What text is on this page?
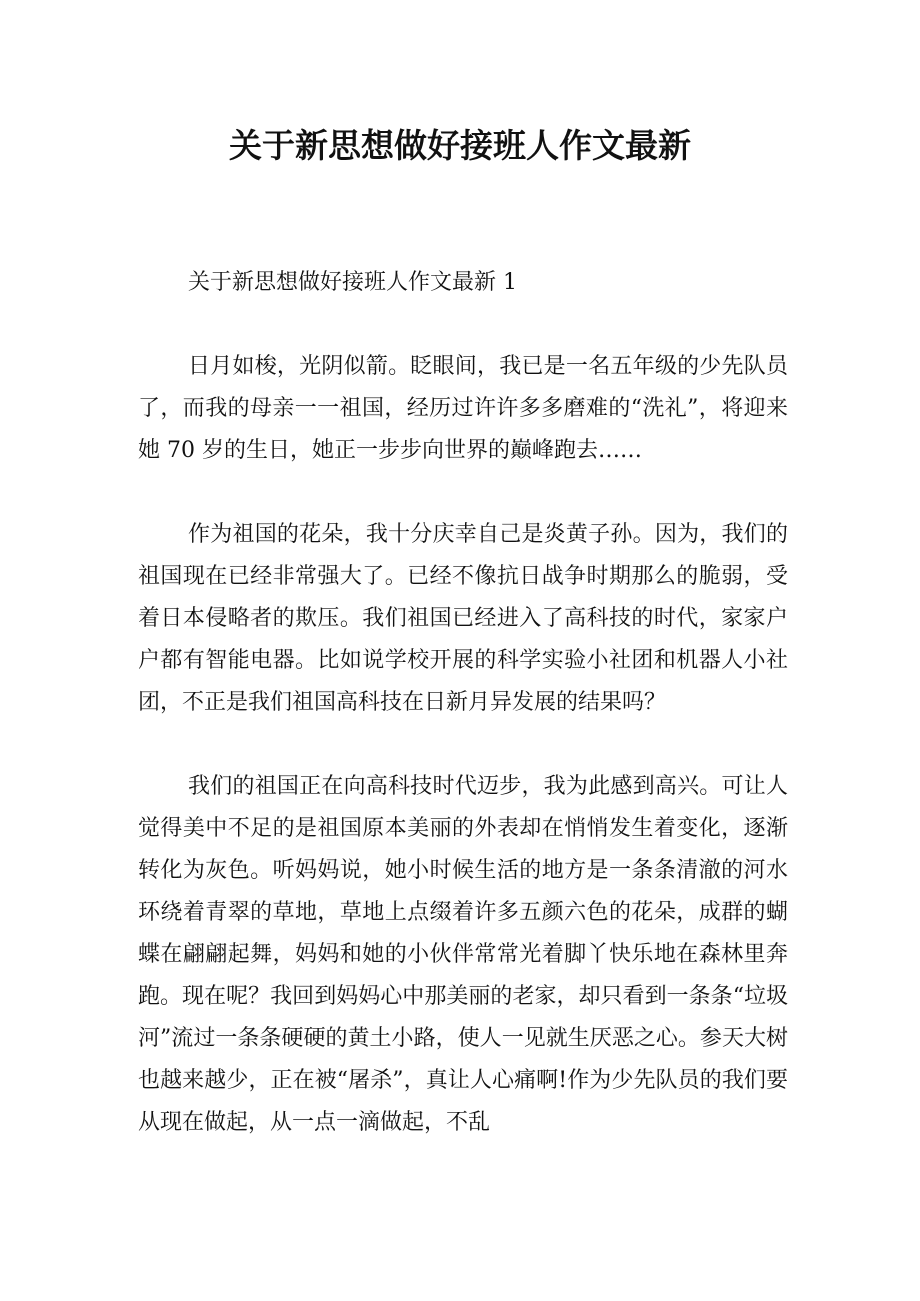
关于新思想做好接班人作文最新

关于新思想做好接班人作文最新 1

日月如梭，光阴似箭。眨眼间，我已是一名五年级的少先队员了，而我的母亲一一祖国，经历过许许多多磨难的“洗礼”，将迎来她 70 岁的生日，她正一步步向世界的巅峰跑去……

作为祖国的花朵，我十分庆幸自己是炎黄子孙。因为，我们的祖国现在已经非常强大了。已经不像抗日战争时期那么的脆弱，受着日本侵略者的欺压。我们祖国已经进入了高科技的时代，家家户户都有智能电器。比如说学校开展的科学实验小社团和机器人小社团，不正是我们祖国高科技在日新月异发展的结果吗？

我们的祖国正在向高科技时代迈步，我为此感到高兴。可让人觉得美中不足的是祖国原本美丽的外表却在悄悄发生着变化，逐渐转化为灰色。听妈妈说，她小时候生活的地方是一条条清澈的河水环绕着青翠的草地，草地上点缀着许多五颜六色的花朵，成群的蝴蝶在翩翩起舞，妈妈和她的小伙伴常常光着脚丫快乐地在森林里奔跑。现在呢？我回到妈妈心中那美丽的老家，却只看到一条条“垃圾河”流过一条条硬硬的黄土小路，使人一见就生厌恶之心。参天大树也越来越少，正在被“屠杀”，真让人心痛啊!作为少先队员的我们要从现在做起，从一点一滴做起，不乱
